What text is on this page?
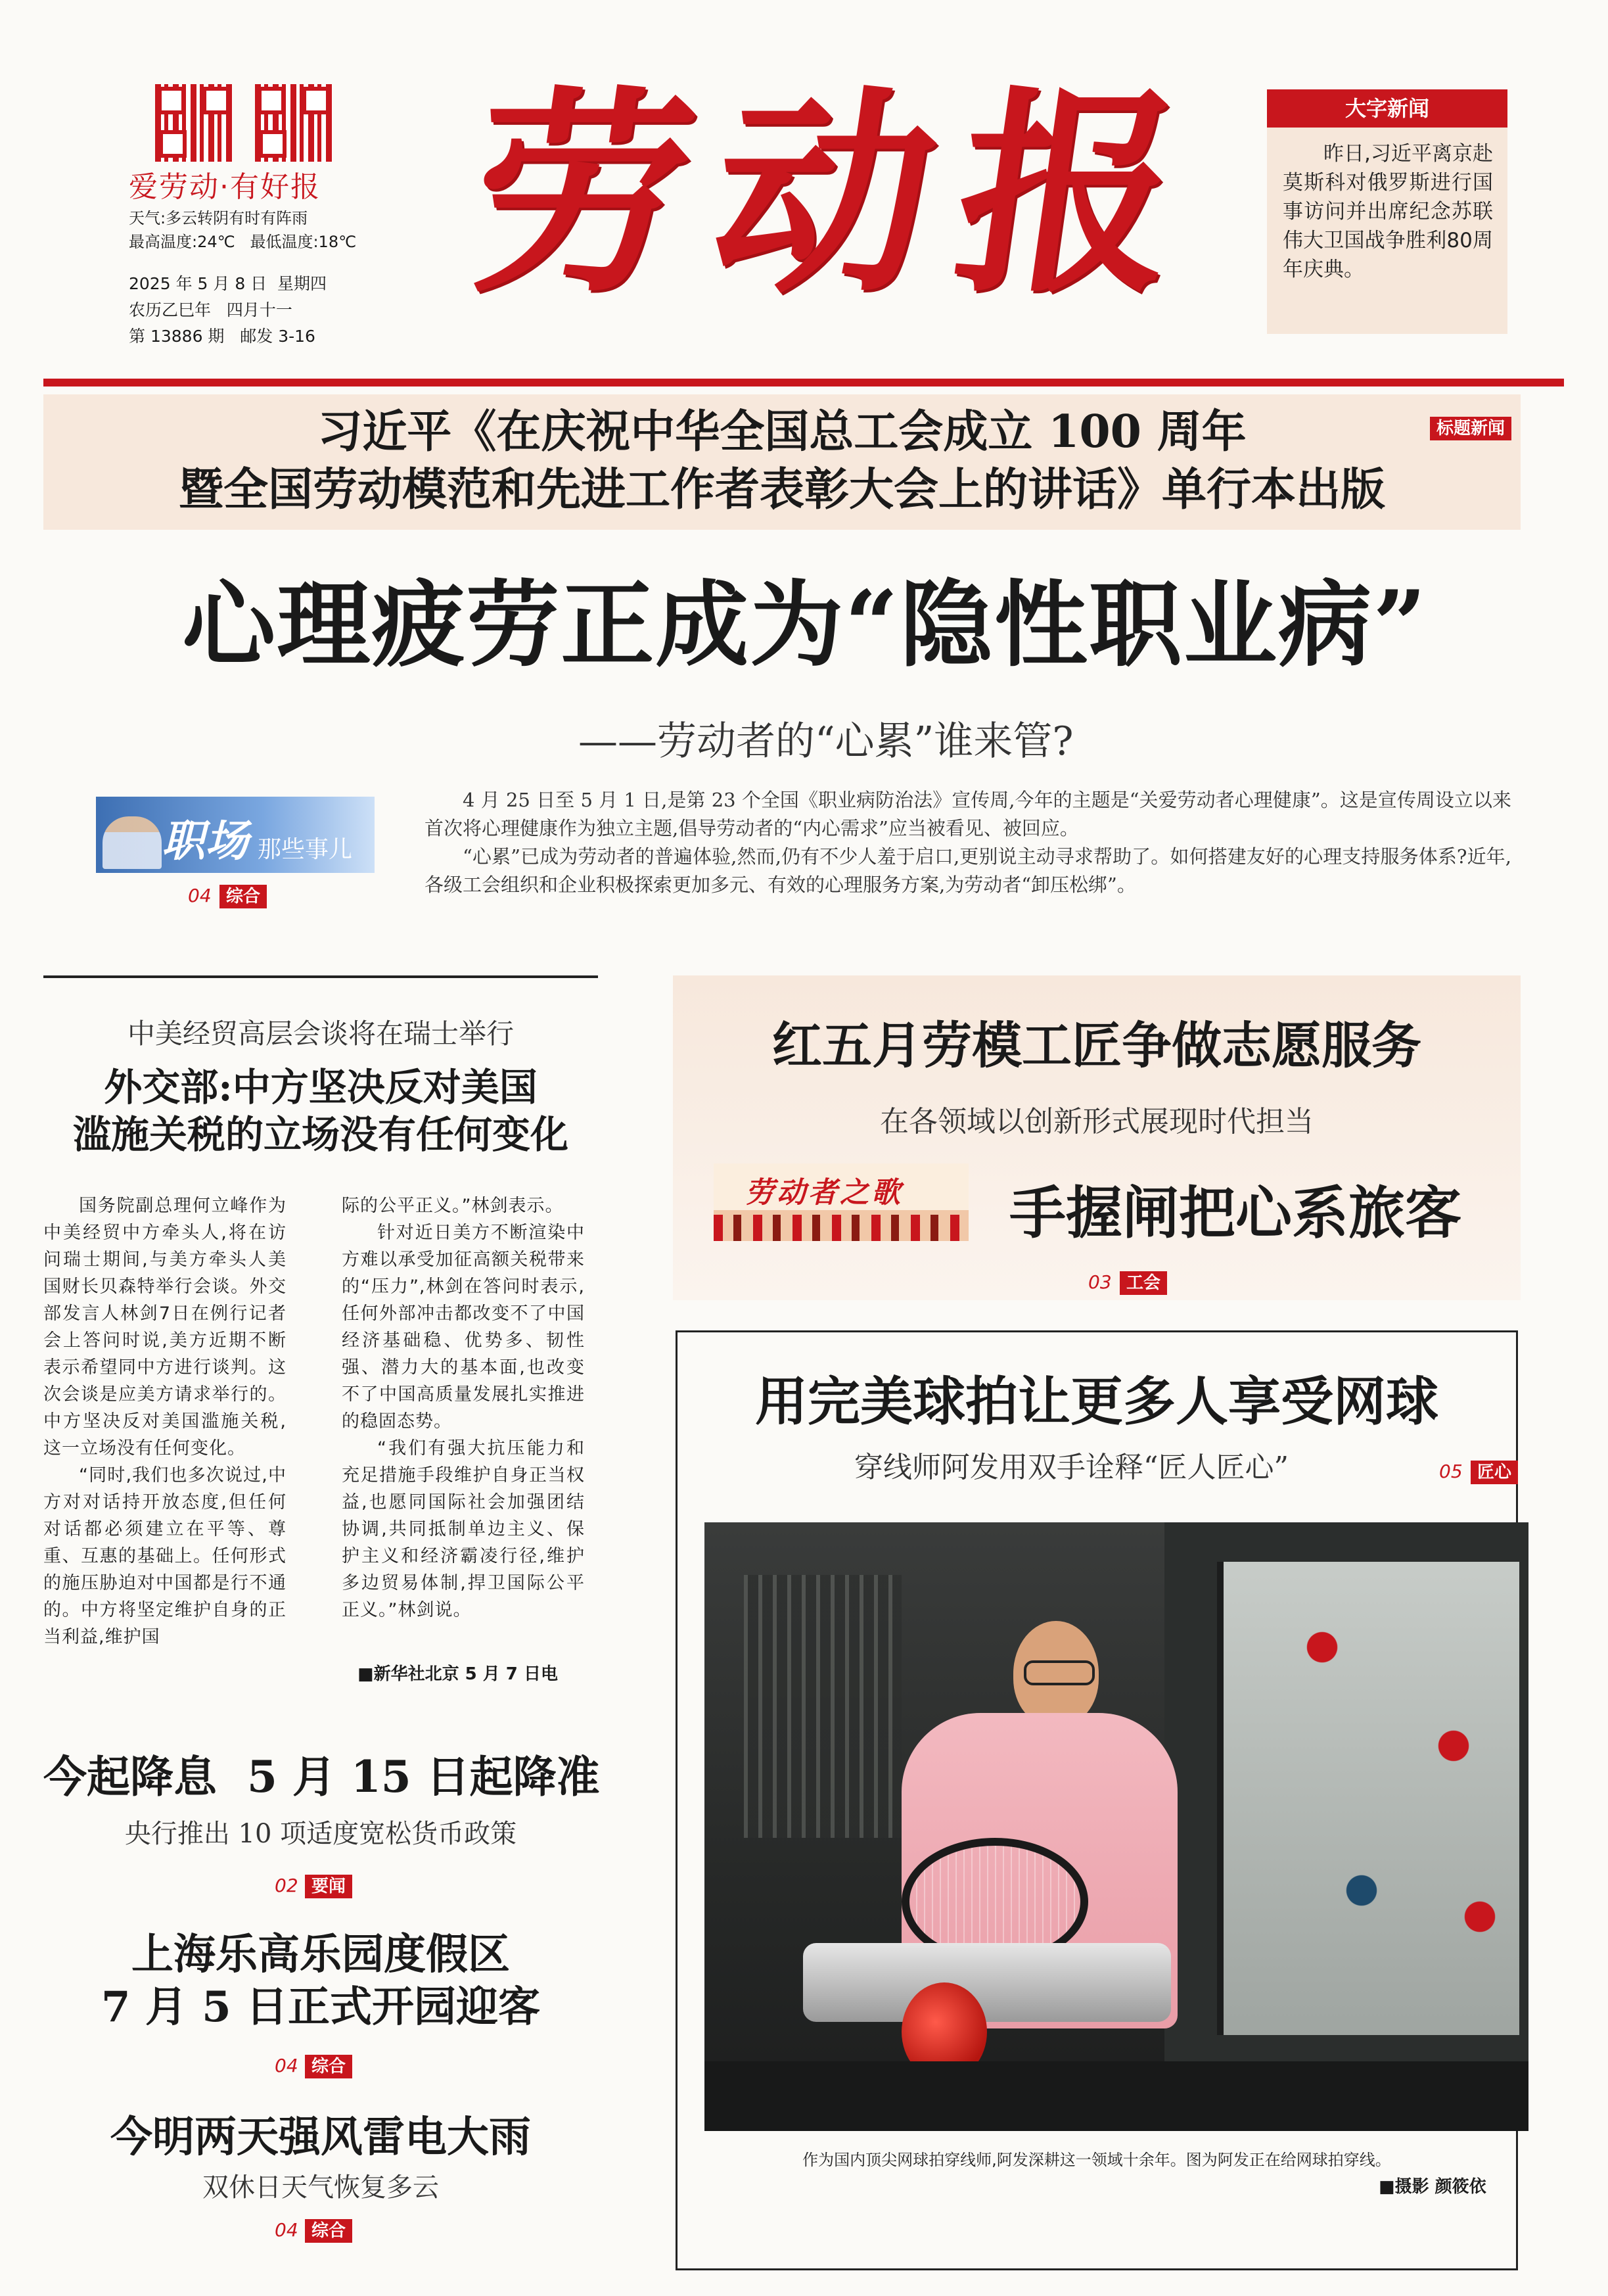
爱劳动·有好报
天气:多云转阴有时有阵雨
最高温度:24℃   最低温度:18℃
2025 年 5 月 8 日  星期四
农历乙巳年   四月十一
第 13886 期   邮发 3-16
劳动报	大字新闻
昨日,习近平离京赴莫斯科对俄罗斯进行国事访问并出席纪念苏联伟大卫国战争胜利80周年庆典。
习近平《在庆祝中华全国总工会成立 100 周年
暨全国劳动模范和先进工作者表彰大会上的讲话》单行本出版
标题新闻
心理疲劳正成为“隐性职业病”
——劳动者的“心累”谁来管?
职场 那些事儿
04 综合

4 月 25 日至 5 月 1 日,是第 23 个全国《职业病防治法》宣传周,今年的主题是“关爱劳动者心理健康”。这是宣传周设立以来首次将心理健康作为独立主题,倡导劳动者的“内心需求”应当被看见、被回应。

“心累”已成为劳动者的普遍体验,然而,仍有不少人羞于启口,更别说主动寻求帮助了。如何搭建友好的心理支持服务体系?近年,各级工会组织和企业积极探索更加多元、有效的心理服务方案,为劳动者“卸压松绑”。

中美经贸高层会谈将在瑞士举行
外交部:中方坚决反对美国
滥施关税的立场没有任何变化

国务院副总理何立峰作为中美经贸中方牵头人,将在访问瑞士期间,与美方牵头人美国财长贝森特举行会谈。外交部发言人林剑7日在例行记者会上答问时说,美方近期不断表示希望同中方进行谈判。这次会谈是应美方请求举行的。中方坚决反对美国滥施关税,这一立场没有任何变化。

“同时,我们也多次说过,中方对对话持开放态度,但任何对话都必须建立在平等、尊重、互惠的基础上。任何形式的施压胁迫对中国都是行不通的。中方将坚定维护自身的正当利益,维护国

际的公平正义。”林剑表示。

针对近日美方不断渲染中方难以承受加征高额关税带来的“压力”,林剑在答问时表示,任何外部冲击都改变不了中国经济基础稳、优势多、韧性强、潜力大的基本面,也改变不了中国高质量发展扎实推进的稳固态势。

“我们有强大抗压能力和充足措施手段维护自身正当权益,也愿同国际社会加强团结协调,共同抵制单边主义、保护主义和经济霸凌行径,维护多边贸易体制,捍卫国际公平正义。”林剑说。

■新华社北京 5 月 7 日电
今起降息  5 月 15 日起降准
央行推出 10 项适度宽松货币政策
02 要闻
上海乐高乐园度假区
7 月 5 日正式开园迎客
04 综合
今明两天强风雷电大雨
双休日天气恢复多云
04 综合
红五月劳模工匠争做志愿服务
在各领域以创新形式展现时代担当
劳动者之歌 手握闸把心系旅客
03 工会
用完美球拍让更多人享受网球
穿线师阿发用双手诠释“匠人匠心”	05 匠心
作为国内顶尖网球拍穿线师,阿发深耕这一领域十余年。图为阿发正在给网球拍穿线。
■摄影 颜筱依
